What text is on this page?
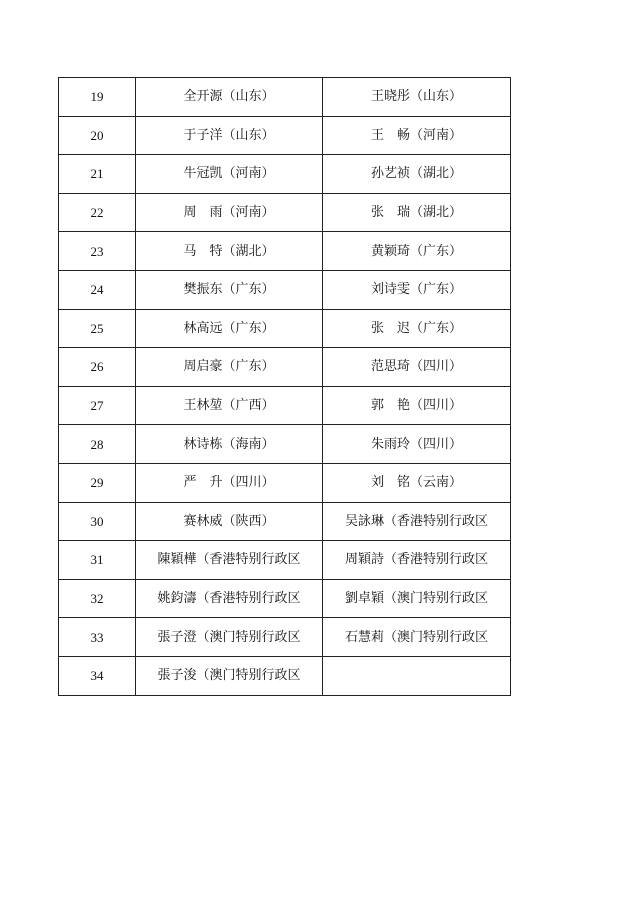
19	全开源（山东）	王晓彤（山东）
20	于子洋（山东）	王　畅（河南）
21	牛冠凯（河南）	孙艺祯（湖北）
22	周　雨（河南）	张　瑞（湖北）
23	马　特（湖北）	黄颖琦（广东）
24	樊振东（广东）	刘诗雯（广东）
25	林高远（广东）	张　迟（广东）
26	周启豪（广东）	范思琦（四川）
27	王林堃（广西）	郭　艳（四川）
28	林诗栋（海南）	朱雨玲（四川）
29	严　升（四川）	刘　铭（云南）
30	赛林威（陕西）	吴詠琳（香港特别行政区
31	陳穎樺（香港特别行政区	周穎詩（香港特别行政区
32	姚鈞濤（香港特别行政区	劉卓穎（澳门特别行政区
33	張子澄（澳门特别行政区	石慧莉（澳门特别行政区
34	張子浚（澳门特别行政区	
